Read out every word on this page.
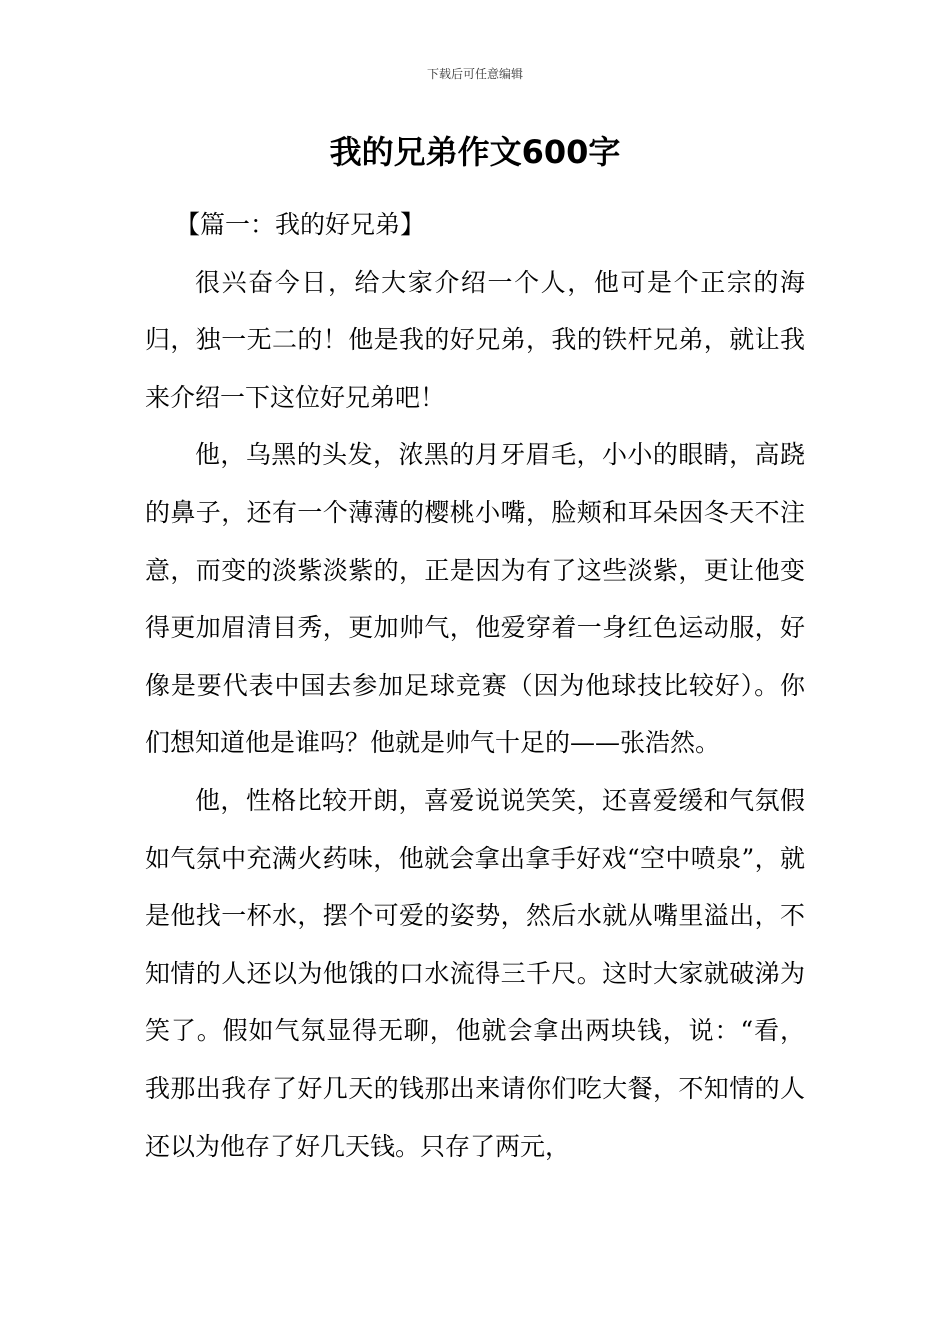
下载后可任意编辑
我的兄弟作文600字

【篇一：我的好兄弟】

很兴奋今日，给大家介绍一个人，他可是个正宗的海归，独一无二的！他是我的好兄弟，我的铁杆兄弟，就让我来介绍一下这位好兄弟吧！

他，乌黑的头发，浓黑的月牙眉毛，小小的眼睛，高跷的鼻子，还有一个薄薄的樱桃小嘴，脸颊和耳朵因冬天不注意，而变的淡紫淡紫的，正是因为有了这些淡紫，更让他变得更加眉清目秀，更加帅气，他爱穿着一身红色运动服，好像是要代表中国去参加足球竞赛（因为他球技比较好）。你们想知道他是谁吗？他就是帅气十足的——张浩然。

他，性格比较开朗，喜爱说说笑笑，还喜爱缓和气氛假如气氛中充满火药味，他就会拿出拿手好戏“空中喷泉”，就是他找一杯水，摆个可爱的姿势，然后水就从嘴里溢出，不知情的人还以为他饿的口水流得三千尺。这时大家就破涕为笑了。假如气氛显得无聊，他就会拿出两块钱，说：“看，我那出我存了好几天的钱那出来请你们吃大餐，不知情的人还以为他存了好几天钱。只存了两元，
